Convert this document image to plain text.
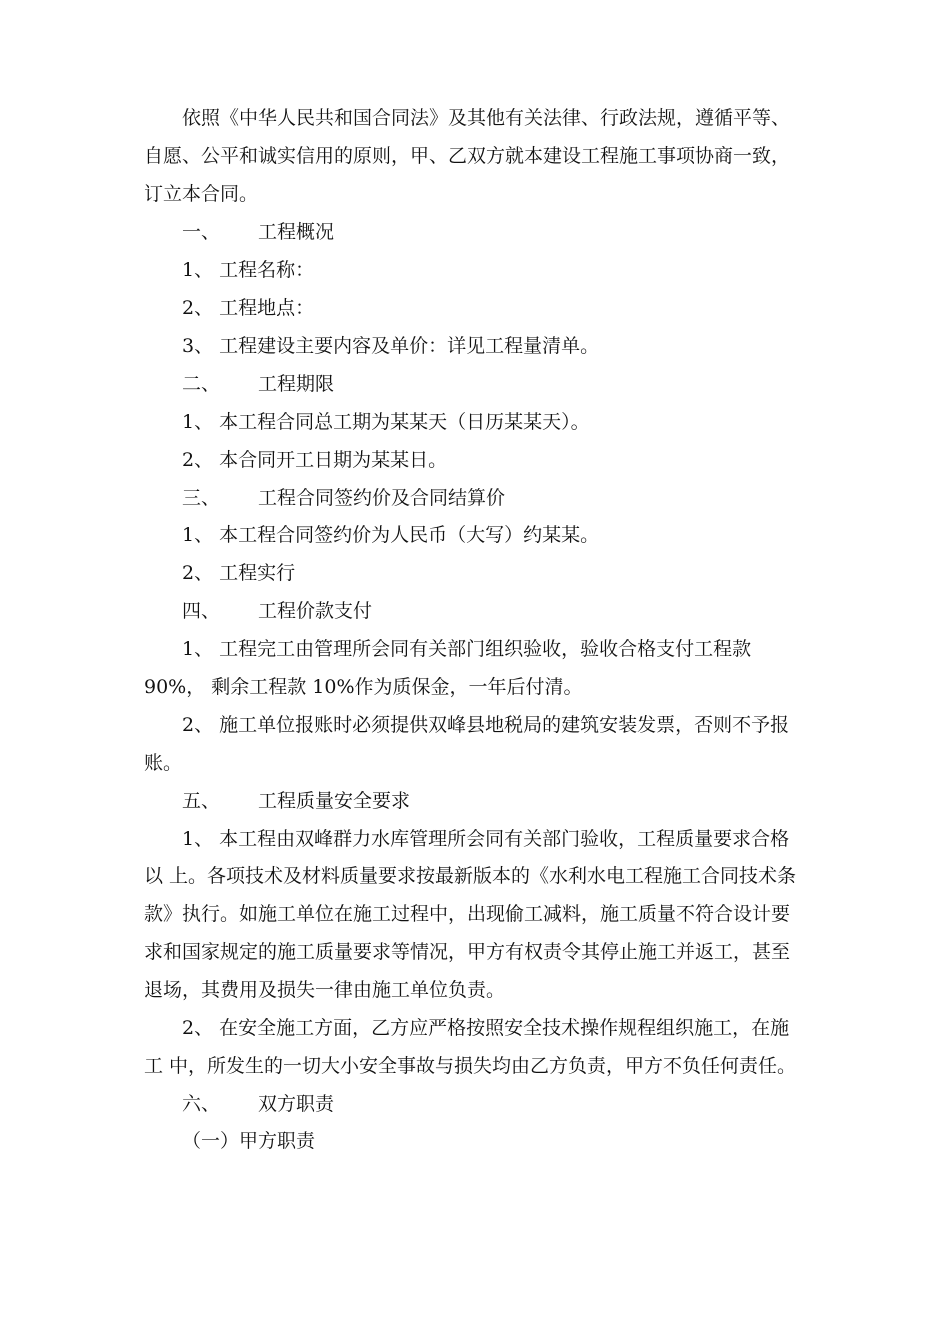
依照《中华人民共和国合同法》及其他有关法律、行政法规，遵循平等、
自愿、公平和诚实信用的原则，甲、乙双方就本建设工程施工事项协商一致，
订立本合同。
一、 工程概况
1、 工程名称：
2、 工程地点：
3、 工程建设主要内容及单价：详见工程量清单。
二、 工程期限
1、 本工程合同总工期为某某天（日历某某天）。
2、 本合同开工日期为某某日。
三、 工程合同签约价及合同结算价
1、 本工程合同签约价为人民币（大写）约某某。
2、 工程实行
四、 工程价款支付
1、 工程完工由管理所会同有关部门组织验收，验收合格支付工程款
90%， 剩余工程款 10%作为质保金，一年后付清。
2、 施工单位报账时必须提供双峰县地税局的建筑安装发票，否则不予报
账。
五、 工程质量安全要求
1、 本工程由双峰群力水库管理所会同有关部门验收，工程质量要求合格
以 上。各项技术及材料质量要求按最新版本的《水利水电工程施工合同技术条
款》执行。如施工单位在施工过程中，出现偷工减料，施工质量不符合设计要
求和国家规定的施工质量要求等情况，甲方有权责令其停止施工并返工，甚至
退场，其费用及损失一律由施工单位负责。
2、 在安全施工方面，乙方应严格按照安全技术操作规程组织施工，在施
工 中，所发生的一切大小安全事故与损失均由乙方负责，甲方不负任何责任。
六、 双方职责
（一）甲方职责
